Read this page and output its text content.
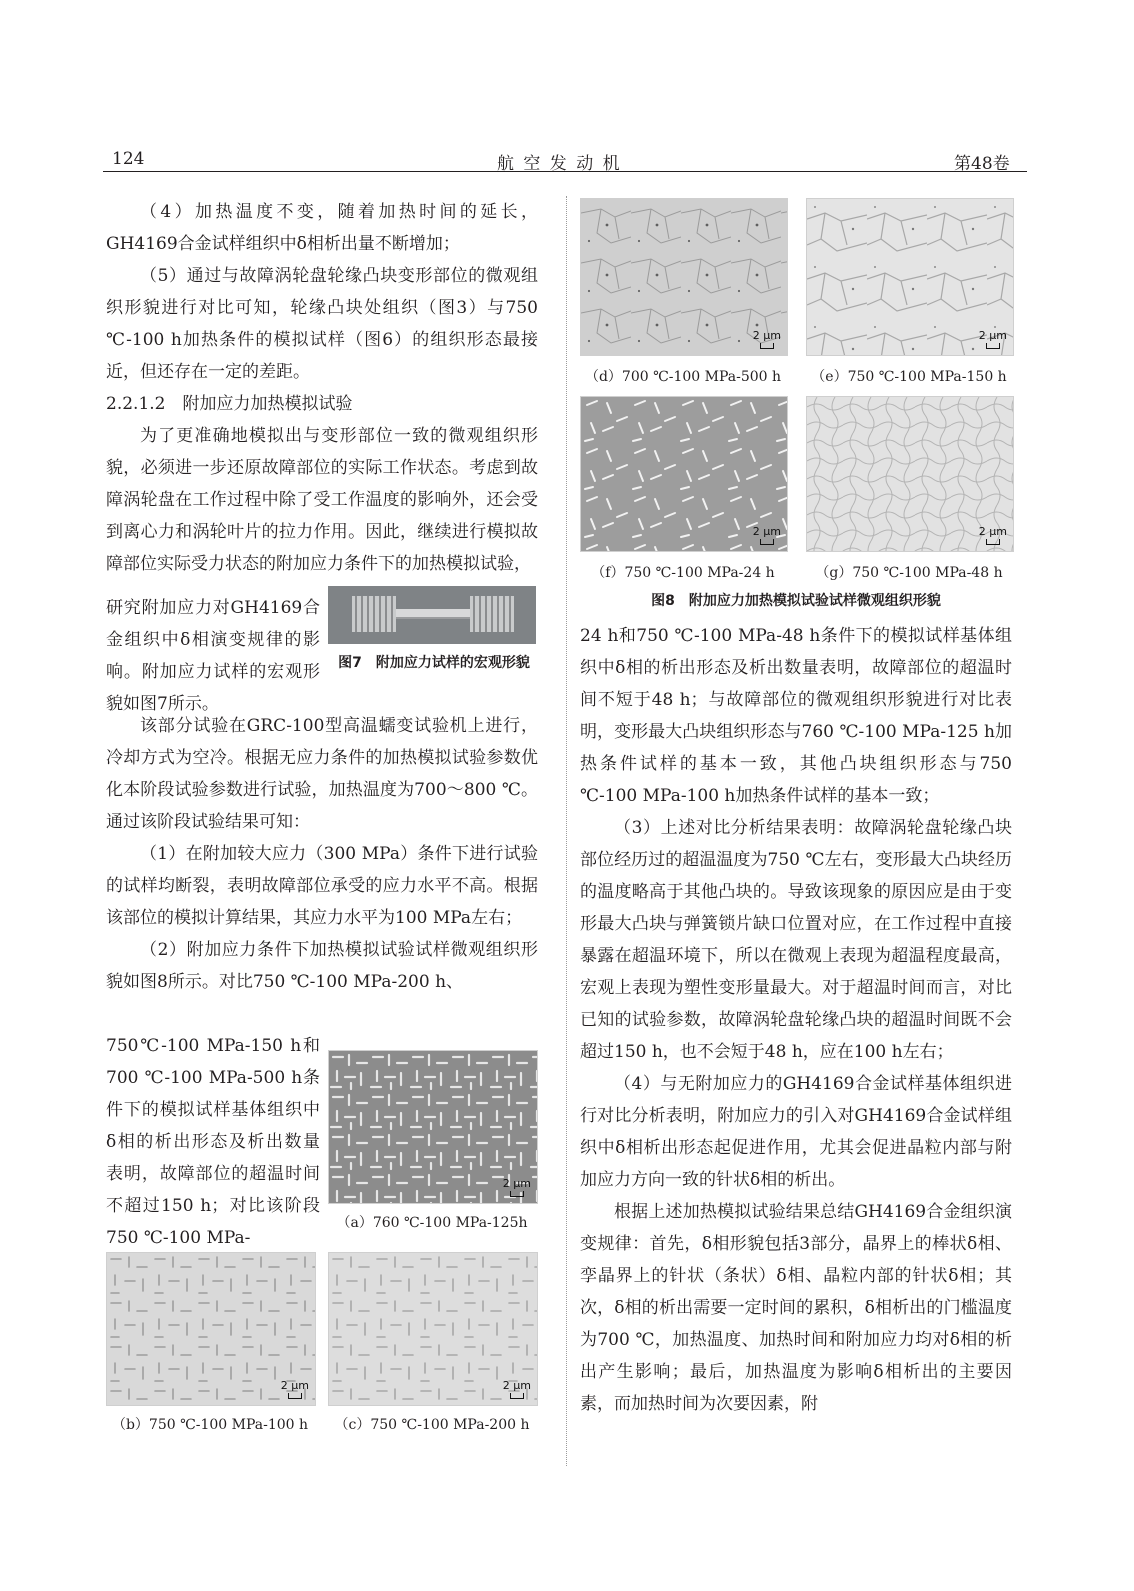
124	航 空 发 动 机	第48卷

（4）加热温度不变，随着加热时间的延长，GH4169合金试样组织中δ相析出量不断增加；

（5）通过与故障涡轮盘轮缘凸块变形部位的微观组织形貌进行对比可知，轮缘凸块处组织（图3）与750 ℃-100 h加热条件的模拟试样（图6）的组织形态最接近，但还存在一定的差距。

2.2.1.2　附加应力加热模拟试验

为了更准确地模拟出与变形部位一致的微观组织形貌，必须进一步还原故障部位的实际工作状态。考虑到故障涡轮盘在工作过程中除了受工作温度的影响外，还会受到离心力和涡轮叶片的拉力作用。因此，继续进行模拟故障部位实际受力状态的附加应力条件下的加热模拟试验，

研究附加应力对GH4169合金组织中δ相演变规律的影响。附加应力试样的宏观形貌如图7所示。

图7　附加应力试样的宏观形貌

该部分试验在GRC-100型高温蠕变试验机上进行，冷却方式为空冷。根据无应力条件的加热模拟试验参数优化本阶段试验参数进行试验，加热温度为700～800 ℃。通过该阶段试验结果可知：

（1）在附加较大应力（300 MPa）条件下进行试验的试样均断裂，表明故障部位承受的应力水平不高。根据该部位的模拟计算结果，其应力水平为100 MPa左右；

（2）附加应力条件下加热模拟试验试样微观组织形貌如图8所示。对比750 ℃-100 MPa-200 h、

750℃-100 MPa-150 h和700 ℃-100 MPa-500 h条件下的模拟试样基体组织中δ相的析出形态及析出数量表明，故障部位的超温时间不超过150 h；对比该阶段750 ℃-100 MPa-

2 μm
（a）760 ℃-100 MPa-125h
2 μm
（b）750 ℃-100 MPa-100 h
2 μm
（c）750 ℃-100 MPa-200 h
2 μm
（d）700 ℃-100 MPa-500 h
2 μm
（e）750 ℃-100 MPa-150 h
2 μm
（f）750 ℃-100 MPa-24 h
2 μm
（g）750 ℃-100 MPa-48 h
图8　附加应力加热模拟试验试样微观组织形貌

24 h和750 ℃-100 MPa-48 h条件下的模拟试样基体组织中δ相的析出形态及析出数量表明，故障部位的超温时间不短于48 h；与故障部位的微观组织形貌进行对比表明，变形最大凸块组织形态与760 ℃-100 MPa-125 h加热条件试样的基本一致，其他凸块组织形态与750 ℃-100 MPa-100 h加热条件试样的基本一致；

（3）上述对比分析结果表明：故障涡轮盘轮缘凸块部位经历过的超温温度为750 ℃左右，变形最大凸块经历的温度略高于其他凸块的。导致该现象的原因应是由于变形最大凸块与弹簧锁片缺口位置对应，在工作过程中直接暴露在超温环境下，所以在微观上表现为超温程度最高，宏观上表现为塑性变形量最大。对于超温时间而言，对比已知的试验参数，故障涡轮盘轮缘凸块的超温时间既不会超过150 h，也不会短于48 h，应在100 h左右；

（4）与无附加应力的GH4169合金试样基体组织进行对比分析表明，附加应力的引入对GH4169合金试样组织中δ相析出形态起促进作用，尤其会促进晶粒内部与附加应力方向一致的针状δ相的析出。

根据上述加热模拟试验结果总结GH4169合金组织演变规律：首先，δ相形貌包括3部分，晶界上的棒状δ相、孪晶界上的针状（条状）δ相、晶粒内部的针状δ相；其次，δ相的析出需要一定时间的累积，δ相析出的门槛温度为700 ℃，加热温度、加热时间和附加应力均对δ相的析出产生影响；最后，加热温度为影响δ相析出的主要因素，而加热时间为次要因素，附
